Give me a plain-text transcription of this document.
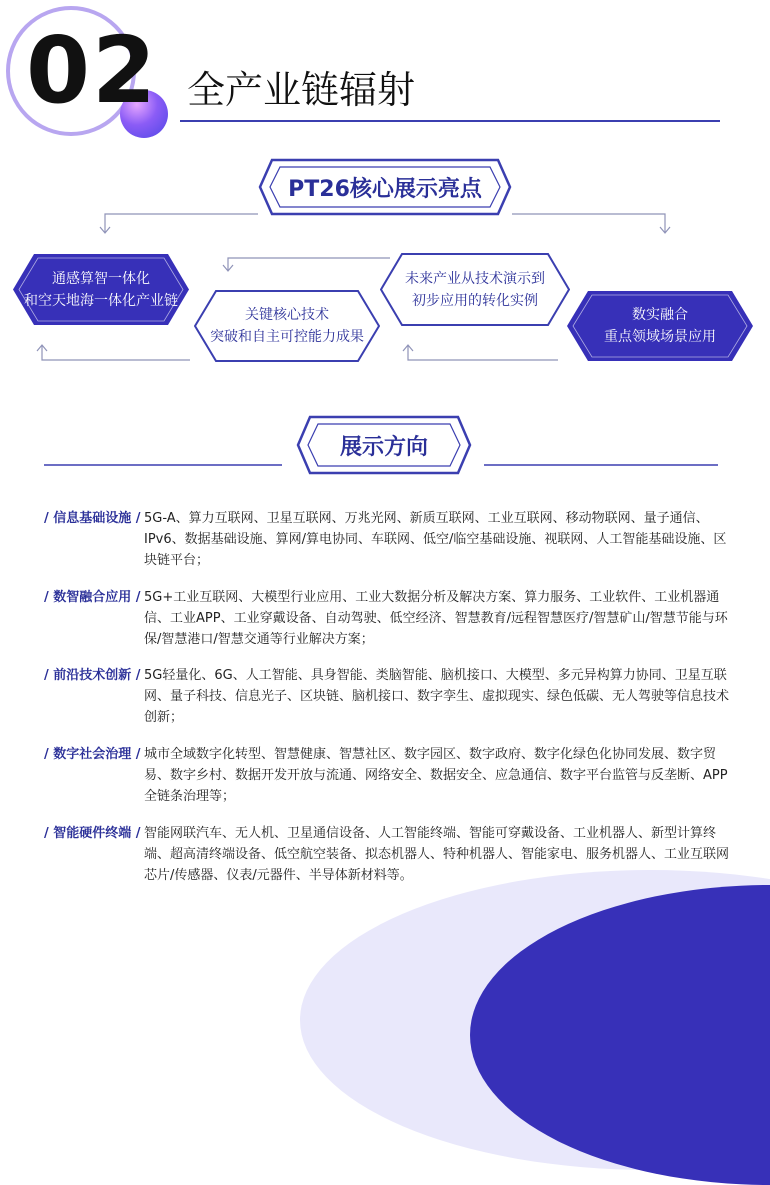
02 全产业链辐射
PT26核心展示亮点
通感算智一体化
和空天地海一体化产业链
关键核心技术
突破和自主可控能力成果
未来产业从技术演示到
初步应用的转化实例
数实融合
重点领域场景应用
展示方向
/ 信息基础设施 / 5G-A、算力互联网、卫星互联网、万兆光网、新质互联网、工业互联网、移动物联网、量子通信、IPv6、数据基础设施、算网/算电协同、车联网、低空/临空基础设施、视联网、人工智能基础设施、区块链平台；
/ 数智融合应用 / 5G+工业互联网、大模型行业应用、工业大数据分析及解决方案、算力服务、工业软件、工业机器通信、工业APP、工业穿戴设备、自动驾驶、低空经济、智慧教育/远程智慧医疗/智慧矿山/智慧节能与环保/智慧港口/智慧交通等行业解决方案；
/ 前沿技术创新 / 5G轻量化、6G、人工智能、具身智能、类脑智能、脑机接口、大模型、多元异构算力协同、卫星互联网、量子科技、信息光子、区块链、脑机接口、数字孪生、虚拟现实、绿色低碳、无人驾驶等信息技术创新；
/ 数字社会治理 / 城市全域数字化转型、智慧健康、智慧社区、数字园区、数字政府、数字化绿色化协同发展、数字贸易、数字乡村、数据开发开放与流通、网络安全、数据安全、应急通信、数字平台监管与反垄断、APP全链条治理等；
/ 智能硬件终端 / 智能网联汽车、无人机、卫星通信设备、人工智能终端、智能可穿戴设备、工业机器人、新型计算终端、超高清终端设备、低空航空装备、拟态机器人、特种机器人、智能家电、服务机器人、工业互联网芯片/传感器、仪表/元器件、半导体新材料等。
